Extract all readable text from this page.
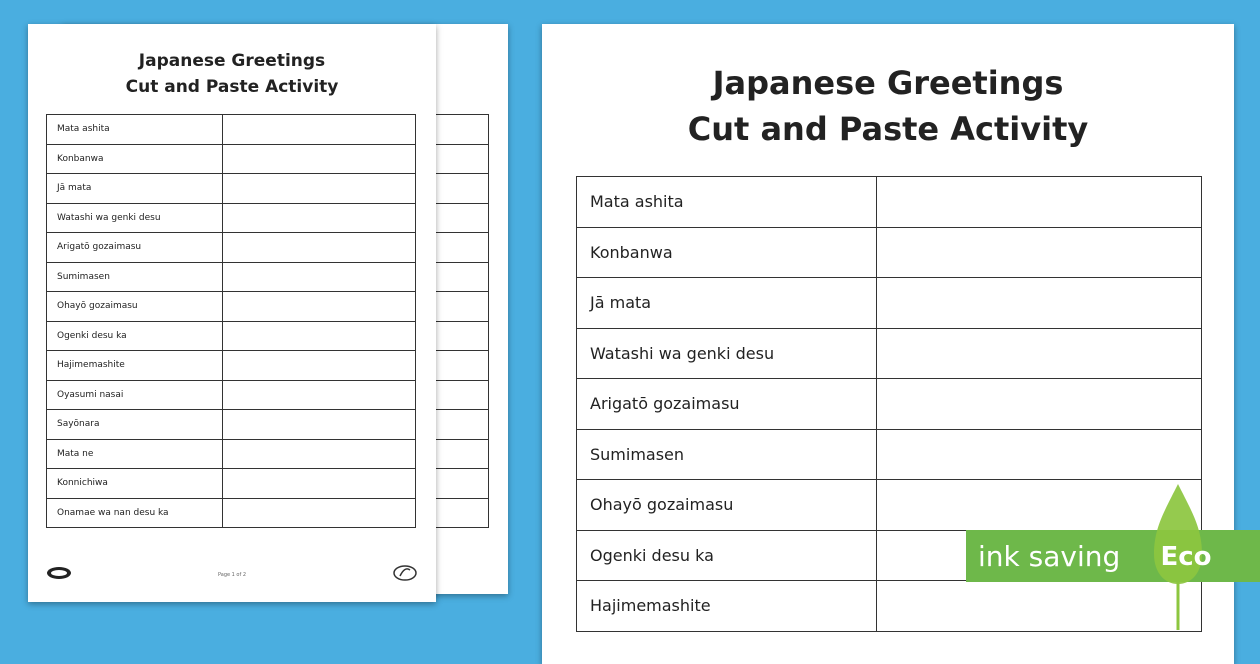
Japanese Greetings
Cut and Paste Activity
Mata ashita	
Konbanwa	
Jā mata	
Watashi wa genki desu	
Arigatō gozaimasu	
Sumimasen	
Ohayō gozaimasu	
Ogenki desu ka	
Hajimemashite	
Oyasumi nasai	
Sayōnara	
Mata ne	
Konnichiwa	
Onamae wa nan desu ka	
Page 1 of 2
Japanese Greetings
Cut and Paste Activity
Mata ashita	
Konbanwa	
Jā mata	
Watashi wa genki desu	
Arigatō gozaimasu	
Sumimasen	
Ohayō gozaimasu	
Ogenki desu ka	
Hajimemashite	
ink saving Eco
